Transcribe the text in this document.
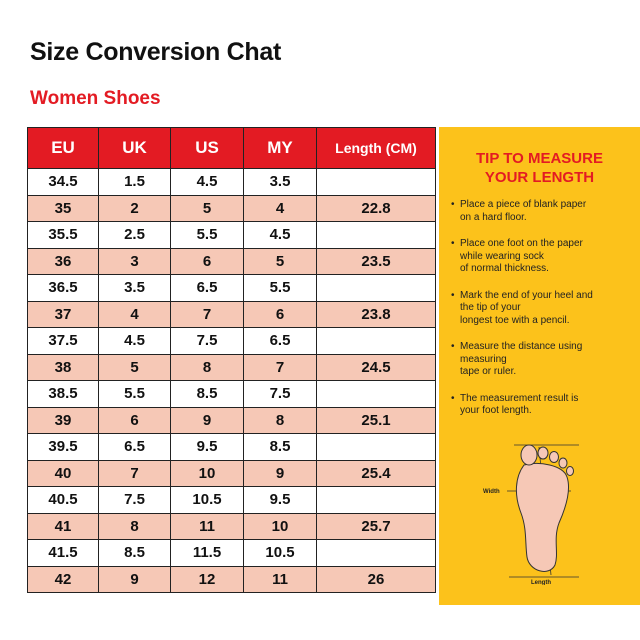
Size Conversion Chat
Women Shoes
EU	UK	US	MY	Length (CM)
34.5	1.5	4.5	3.5	
35	2	5	4	22.8
35.5	2.5	5.5	4.5	
36	3	6	5	23.5
36.5	3.5	6.5	5.5	
37	4	7	6	23.8
37.5	4.5	7.5	6.5	
38	5	8	7	24.5
38.5	5.5	8.5	7.5	
39	6	9	8	25.1
39.5	6.5	9.5	8.5	
40	7	10	9	25.4
40.5	7.5	10.5	9.5	
41	8	11	10	25.7
41.5	8.5	11.5	10.5	
42	9	12	11	26
TIP TO MEASURE
YOUR LENGTH
• Place a piece of blank paper
on a hard floor.
• Place one foot on the paper
while wearing sock
of normal thickness.
• Mark the end of your heel and
the tip of your
longest toe with a pencil.
• Measure the distance using
measuring
tape or ruler.
• The measurement result is
your foot length.
Width
Length
